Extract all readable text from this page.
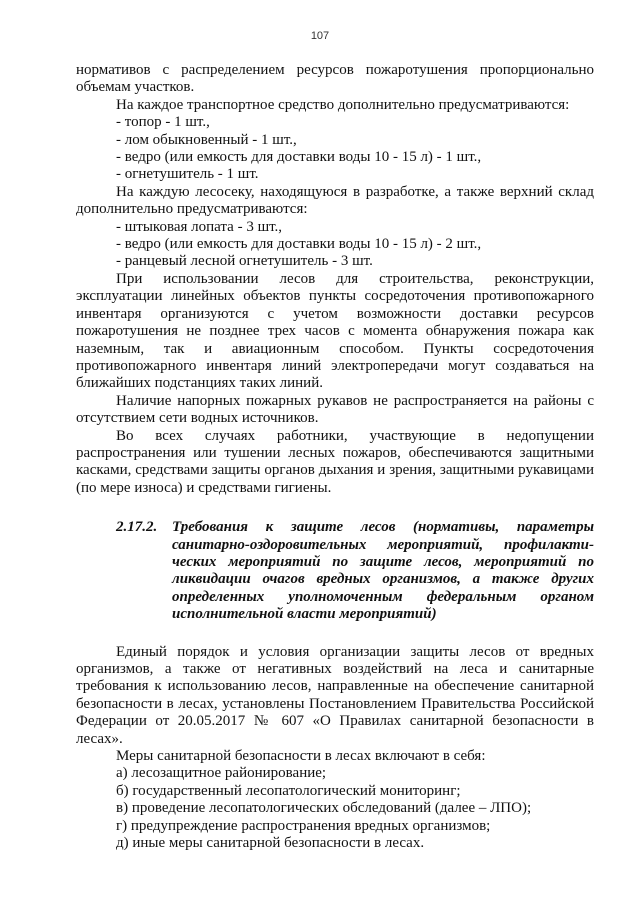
107

нормативов с распределением ресурсов пожаротушения пропорционально объемам участков.

На каждое транспортное средство дополнительно предусматриваются:

- топор - 1 шт.,

- лом обыкновенный - 1 шт.,

- ведро (или емкость для доставки воды 10 - 15 л) - 1 шт.,

- огнетушитель - 1 шт.

На каждую лесосеку, находящуюся в разработке, а также верхний склад дополнительно предусматриваются:

- штыковая лопата - 3 шт.,

- ведро (или емкость для доставки воды 10 - 15 л) - 2 шт.,

- ранцевый лесной огнетушитель - 3 шт.

При использовании лесов для строительства, реконструкции, эксплуатации линейных объектов пункты сосредоточения противопожарного инвентаря организуются с учетом возможности доставки ресурсов пожаротушения не позднее трех часов с момента обнаружения пожара как наземным, так и авиационным способом. Пункты сосредоточения противопожарного инвентаря линий электропередачи могут создаваться на ближайших подстанциях таких линий.

Наличие напорных пожарных рукавов не распространяется на районы с отсутствием сети водных источников.

Во всех случаях работники, участвующие в недопущении распространения или тушении лесных пожаров, обеспечиваются защитными касками, средствами защиты органов дыхания и зрения, защитными рукавицами (по мере износа) и средствами гигиены.

2.17.2. Требования к защите лесов (нормативы, параметры санитарно-оздоровительных мероприятий, профилакти-ческих мероприятий по защите лесов, мероприятий по ликвидации очагов вредных организмов, а также других определенных уполномоченным федеральным органом исполнительной власти мероприятий)

Единый порядок и условия организации защиты лесов от вредных организмов, а также от негативных воздействий на леса и санитарные требования к использованию лесов, направленные на обеспечение санитарной безопасности в лесах, установлены Постановлением Правительства Российской Федерации от 20.05.2017 № 607 «О Правилах санитарной безопасности в лесах».

Меры санитарной безопасности в лесах включают в себя:

а) лесозащитное районирование;

б) государственный лесопатологический мониторинг;

в) проведение лесопатологических обследований (далее – ЛПО);

г) предупреждение распространения вредных организмов;

д) иные меры санитарной безопасности в лесах.
